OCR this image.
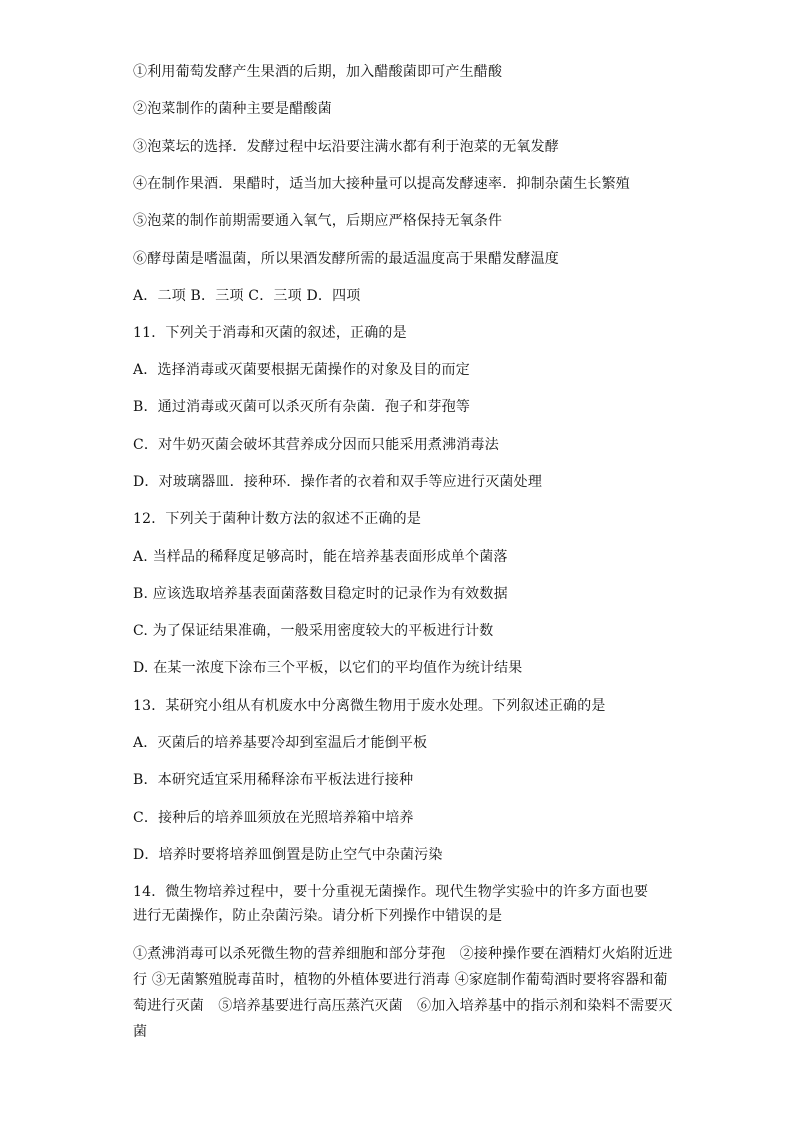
①利用葡萄发酵产生果酒的后期，加入醋酸菌即可产生醋酸
②泡菜制作的菌种主要是醋酸菌
③泡菜坛的选择．发酵过程中坛沿要注满水都有利于泡菜的无氧发酵
④在制作果酒．果醋时，适当加大接种量可以提高发酵速率．抑制杂菌生长繁殖
⑤泡菜的制作前期需要通入氧气，后期应严格保持无氧条件
⑥酵母菌是嗜温菌，所以果酒发酵所需的最适温度高于果醋发酵温度
A．二项 B．三项 C．三项 D．四项
11．下列关于消毒和灭菌的叙述，正确的是
A．选择消毒或灭菌要根据无菌操作的对象及目的而定
B．通过消毒或灭菌可以杀灭所有杂菌．孢子和芽孢等
C．对牛奶灭菌会破坏其营养成分因而只能采用煮沸消毒法
D．对玻璃器皿．接种环．操作者的衣着和双手等应进行灭菌处理
12．下列关于菌种计数方法的叙述不正确的是
A. 当样品的稀释度足够高时，能在培养基表面形成单个菌落
B. 应该选取培养基表面菌落数目稳定时的记录作为有效数据
C. 为了保证结果准确，一般采用密度较大的平板进行计数
D. 在某一浓度下涂布三个平板，以它们的平均值作为统计结果
13．某研究小组从有机废水中分离微生物用于废水处理。下列叙述正确的是
A．灭菌后的培养基要冷却到室温后才能倒平板
B．本研究适宜采用稀释涂布平板法进行接种
C．接种后的培养皿须放在光照培养箱中培养
D．培养时要将培养皿倒置是防止空气中杂菌污染
14．微生物培养过程中，要十分重视无菌操作。现代生物学实验中的许多方面也要
进行无菌操作，防止杂菌污染。请分析下列操作中错误的是
①煮沸消毒可以杀死微生物的营养细胞和部分芽孢　②接种操作要在酒精灯火焰附近进行 ③无菌繁殖脱毒苗时，植物的外植体要进行消毒 ④家庭制作葡萄酒时要将容器和葡萄进行灭菌　⑤培养基要进行高压蒸汽灭菌　⑥加入培养基中的指示剂和染料不需要灭菌
